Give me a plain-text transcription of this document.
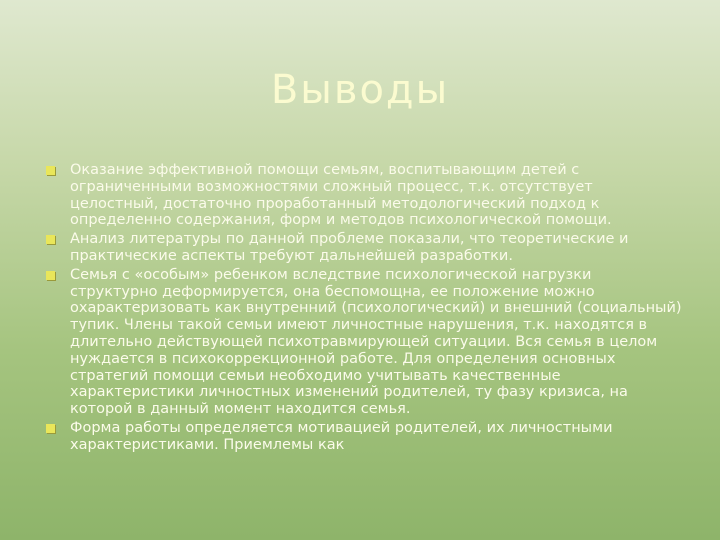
Выводы
Оказание эффективной помощи семьям, воспитывающим детей с ограниченными возможностями сложный процесс, т.к. отсутствует целостный, достаточно проработанный методологический подход к определенно содержания, форм и методов психологической помощи.
Анализ литературы по данной проблеме показали, что теоретические и практические аспекты требуют дальнейшей разработки.
Семья с «особым» ребенком вследствие психологической нагрузки структурно деформируется, она беспомощна, ее положение можно охарактеризовать как внутренний (психологический) и внешний (социальный) тупик. Члены такой семьи имеют личностные нарушения, т.к. находятся в длительно действующей психотравмирующей ситуации. Вся семья в целом нуждается в психокоррекционной работе. Для определения основных стратегий помощи семьи необходимо учитывать качественные характеристики личностных изменений родителей, ту фазу кризиса, на которой в данный момент находится семья.
Форма работы определяется мотивацией родителей, их личностными характеристиками. Приемлемы как
